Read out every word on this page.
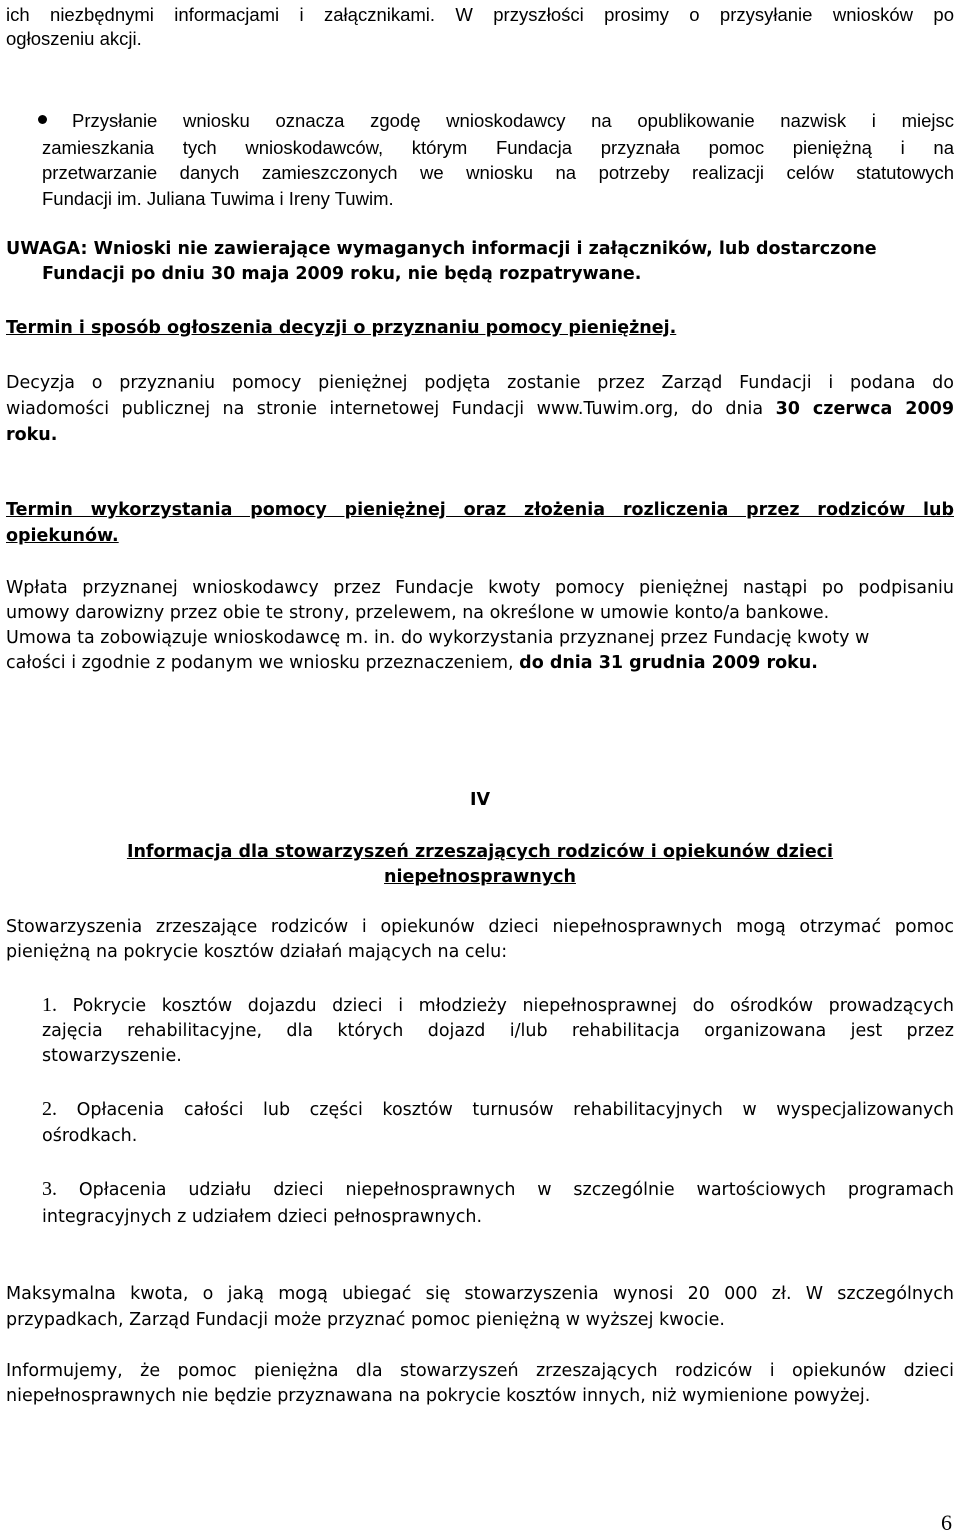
ich niezbędnymi informacjami i załącznikami. W przyszłości prosimy o przysyłanie wniosków po
ogłoszeniu akcji.
Przysłanie wniosku oznacza zgodę wnioskodawcy na opublikowanie nazwisk i miejsc
zamieszkania tych wnioskodawców, którym Fundacja przyznała pomoc pieniężną i na
przetwarzanie danych zamieszczonych we wniosku na potrzeby realizacji celów statutowych
Fundacji im. Juliana Tuwima i Ireny Tuwim.
UWAGA: Wnioski nie zawierające wymaganych informacji i załączników, lub dostarczone
Fundacji po dniu 30 maja 2009 roku, nie będą rozpatrywane.
Termin i sposób ogłoszenia decyzji o przyznaniu pomocy pieniężnej.
Decyzja o przyznaniu pomocy pieniężnej podjęta zostanie przez Zarząd Fundacji i podana do
wiadomości publicznej na stronie internetowej Fundacji www.Tuwim.org, do dnia 30 czerwca 2009
roku.
Termin wykorzystania pomocy pieniężnej oraz złożenia rozliczenia przez rodziców lub
opiekunów.
Wpłata przyznanej wnioskodawcy przez Fundacje kwoty pomocy pieniężnej nastąpi po podpisaniu
umowy darowizny przez obie te strony, przelewem, na określone w umowie konto/a bankowe.
Umowa ta zobowiązuje wnioskodawcę m. in. do wykorzystania przyznanej przez Fundację kwoty w
całości i zgodnie z podanym we wniosku przeznaczeniem, do dnia 31 grudnia 2009 roku.
IV
Informacja dla stowarzyszeń zrzeszających rodziców i opiekunów dzieci
niepełnosprawnych
Stowarzyszenia zrzeszające rodziców i opiekunów dzieci niepełnosprawnych mogą otrzymać pomoc
pieniężną na pokrycie kosztów działań mających na celu:
1. Pokrycie kosztów dojazdu dzieci i młodzieży niepełnosprawnej do ośrodków prowadzących
zajęcia rehabilitacyjne, dla których dojazd i/lub rehabilitacja organizowana jest przez
stowarzyszenie.
2. Opłacenia całości lub części kosztów turnusów rehabilitacyjnych w wyspecjalizowanych
ośrodkach.
3. Opłacenia udziału dzieci niepełnosprawnych w szczególnie wartościowych programach
integracyjnych z udziałem dzieci pełnosprawnych.
Maksymalna kwota, o jaką mogą ubiegać się stowarzyszenia wynosi 20 000 zł. W szczególnych
przypadkach, Zarząd Fundacji może przyznać pomoc pieniężną w wyższej kwocie.
Informujemy, że pomoc pieniężna dla stowarzyszeń zrzeszających rodziców i opiekunów dzieci
niepełnosprawnych nie będzie przyznawana na pokrycie kosztów innych, niż wymienione powyżej.
6
